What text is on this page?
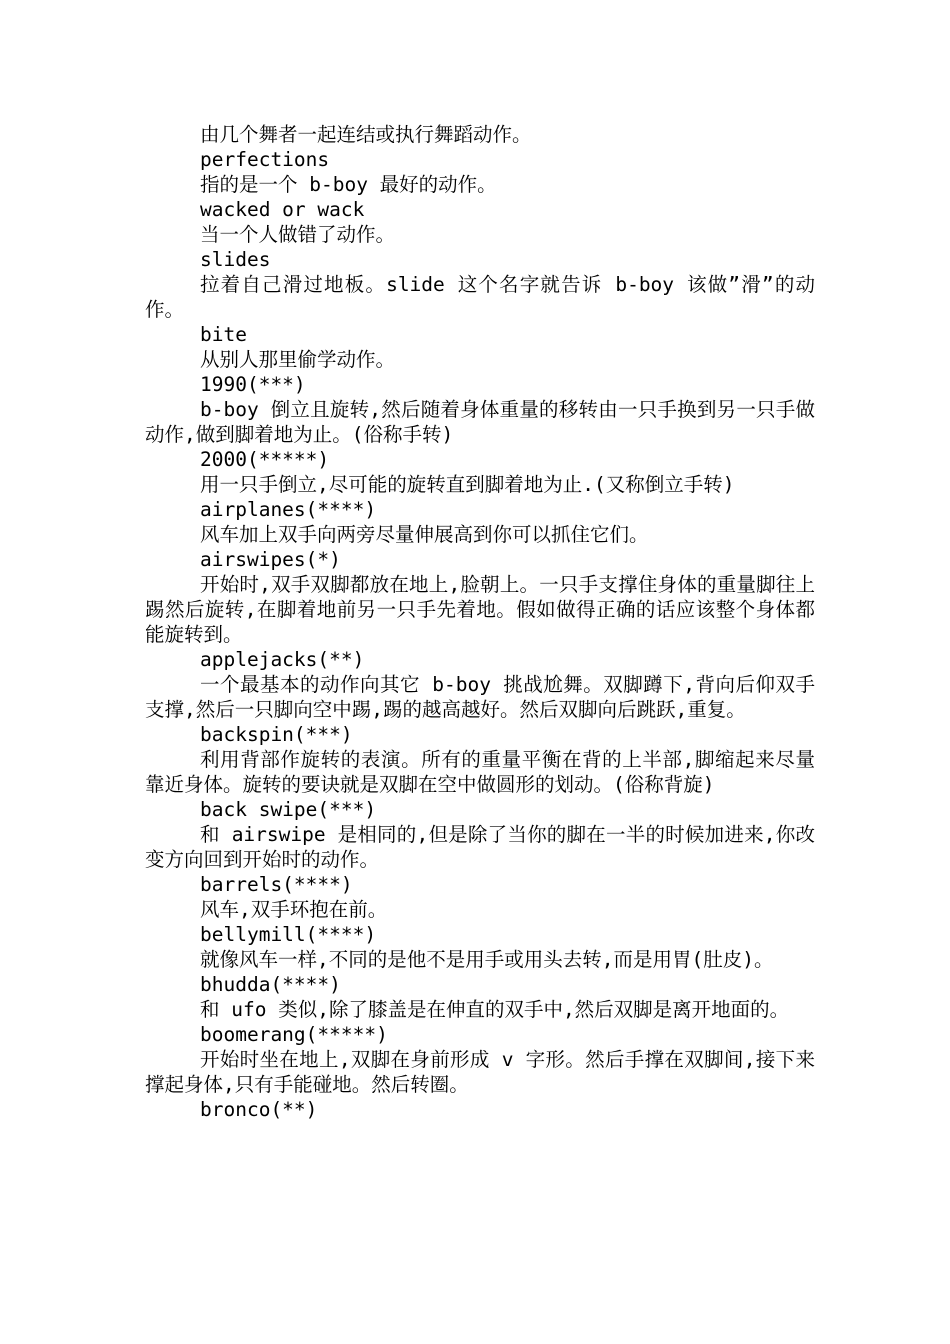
由几个舞者一起连结或执行舞蹈动作。

perfections

指的是一个 b-boy 最好的动作。

wacked or wack

当一个人做错了动作。

slides

拉着自己滑过地板。slide 这个名字就告诉 b-boy 该做”滑”的动作。

bite

从别人那里偷学动作。

1990(***)

b-boy 倒立且旋转,然后随着身体重量的移转由一只手换到另一只手做动作,做到脚着地为止。(俗称手转)

2000(*****)

用一只手倒立,尽可能的旋转直到脚着地为止.(又称倒立手转)

airplanes(****)

风车加上双手向两旁尽量伸展高到你可以抓住它们。

airswipes(*)

开始时,双手双脚都放在地上,脸朝上。一只手支撑住身体的重量脚往上踢然后旋转,在脚着地前另一只手先着地。假如做得正确的话应该整个身体都能旋转到。

applejacks(**)

一个最基本的动作向其它 b-boy 挑战尬舞。双脚蹲下,背向后仰双手支撑,然后一只脚向空中踢,踢的越高越好。然后双脚向后跳跃,重复。

backspin(***)

利用背部作旋转的表演。所有的重量平衡在背的上半部,脚缩起来尽量靠近身体。旋转的要诀就是双脚在空中做圆形的划动。(俗称背旋)

back swipe(***)

和 airswipe 是相同的,但是除了当你的脚在一半的时候加进来,你改变方向回到开始时的动作。

barrels(****)

风车,双手环抱在前。

bellymill(****)

就像风车一样,不同的是他不是用手或用头去转,而是用胃(肚皮)。

bhudda(****)

和 ufo 类似,除了膝盖是在伸直的双手中,然后双脚是离开地面的。

boomerang(*****)

开始时坐在地上,双脚在身前形成 v 字形。然后手撑在双脚间,接下来撑起身体,只有手能碰地。然后转圈。

bronco(**)
